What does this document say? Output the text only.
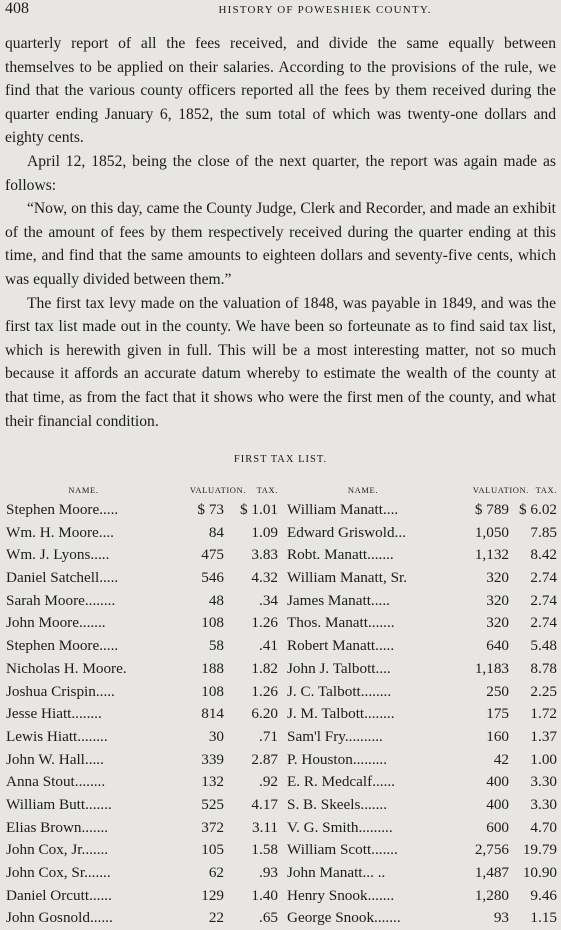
408	HISTORY OF POWESHIEK COUNTY.

quarterly report of all the fees received, and divide the same equally between themselves to be applied on their salaries. According to the provisions of the rule, we find that the various county officers reported all the fees by them received during the quarter ending January 6, 1852, the sum total of which was twenty-one dollars and eighty cents.

April 12, 1852, being the close of the next quarter, the report was again made as follows:

“Now, on this day, came the County Judge, Clerk and Recorder, and made an exhibit of the amount of fees by them respectively received during the quarter ending at this time, and find that the same amounts to eighteen dollars and seventy-five cents, which was equally divided between them.”

The first tax levy made on the valuation of 1848, was payable in 1849, and was the first tax list made out in the county. We have been so forteunate as to find said tax list, which is herewith given in full. This will be a most interesting matter, not so much because it affords an accurate datum whereby to estimate the wealth of the county at that time, as from the fact that it shows who were the first men of the county, and what their financial condition.

FIRST TAX LIST.
NAME.	VALUATION.	TAX.
Stephen Moore.....	$ 73	$ 1.01
Wm. H. Moore....	84	1.09
Wm. J. Lyons.....	475	3.83
Daniel Satchell.....	546	4.32
Sarah Moore........	48	.34
John Moore.......	108	1.26
Stephen Moore.....	58	.41
Nicholas H. Moore.	188	1.82
Joshua Crispin.....	108	1.26
Jesse Hiatt........	814	6.20
Lewis Hiatt........	30	.71
John W. Hall.....	339	2.87
Anna Stout........	132	.92
William Butt.......	525	4.17
Elias Brown.......	372	3.11
John Cox, Jr.......	105	1.58
John Cox, Sr.......	62	.93
Daniel Orcutt......	129	1.40
John Gosnold......	22	.65
NAME.	VALUATION. TAX.
William Manatt....	$ 789 $ 6.02
Edward Griswold...	1,050	7.85
Robt. Manatt.......	1,132	8.42
William Manatt, Sr.	320	2.74
James Manatt.....	320	2.74
Thos. Manatt.......	320	2.74
Robert Manatt.....	640	5.48
John J. Talbott....	1,183	8.78
J. C. Talbott........	250	2.25
J. M. Talbott........	175	1.72
Sam'l Fry..........	160	1.37
P. Houston.........	42	1.00
E. R. Medcalf......	400	3.30
S. B. Skeels.......	400	3.30
V. G. Smith.........	600	4.70
William Scott.......	2,756 19.79
John Manatt... ..	1,487 10.90
Henry Snook.......	1,280	9.46
George Snook.......	93	1.15
